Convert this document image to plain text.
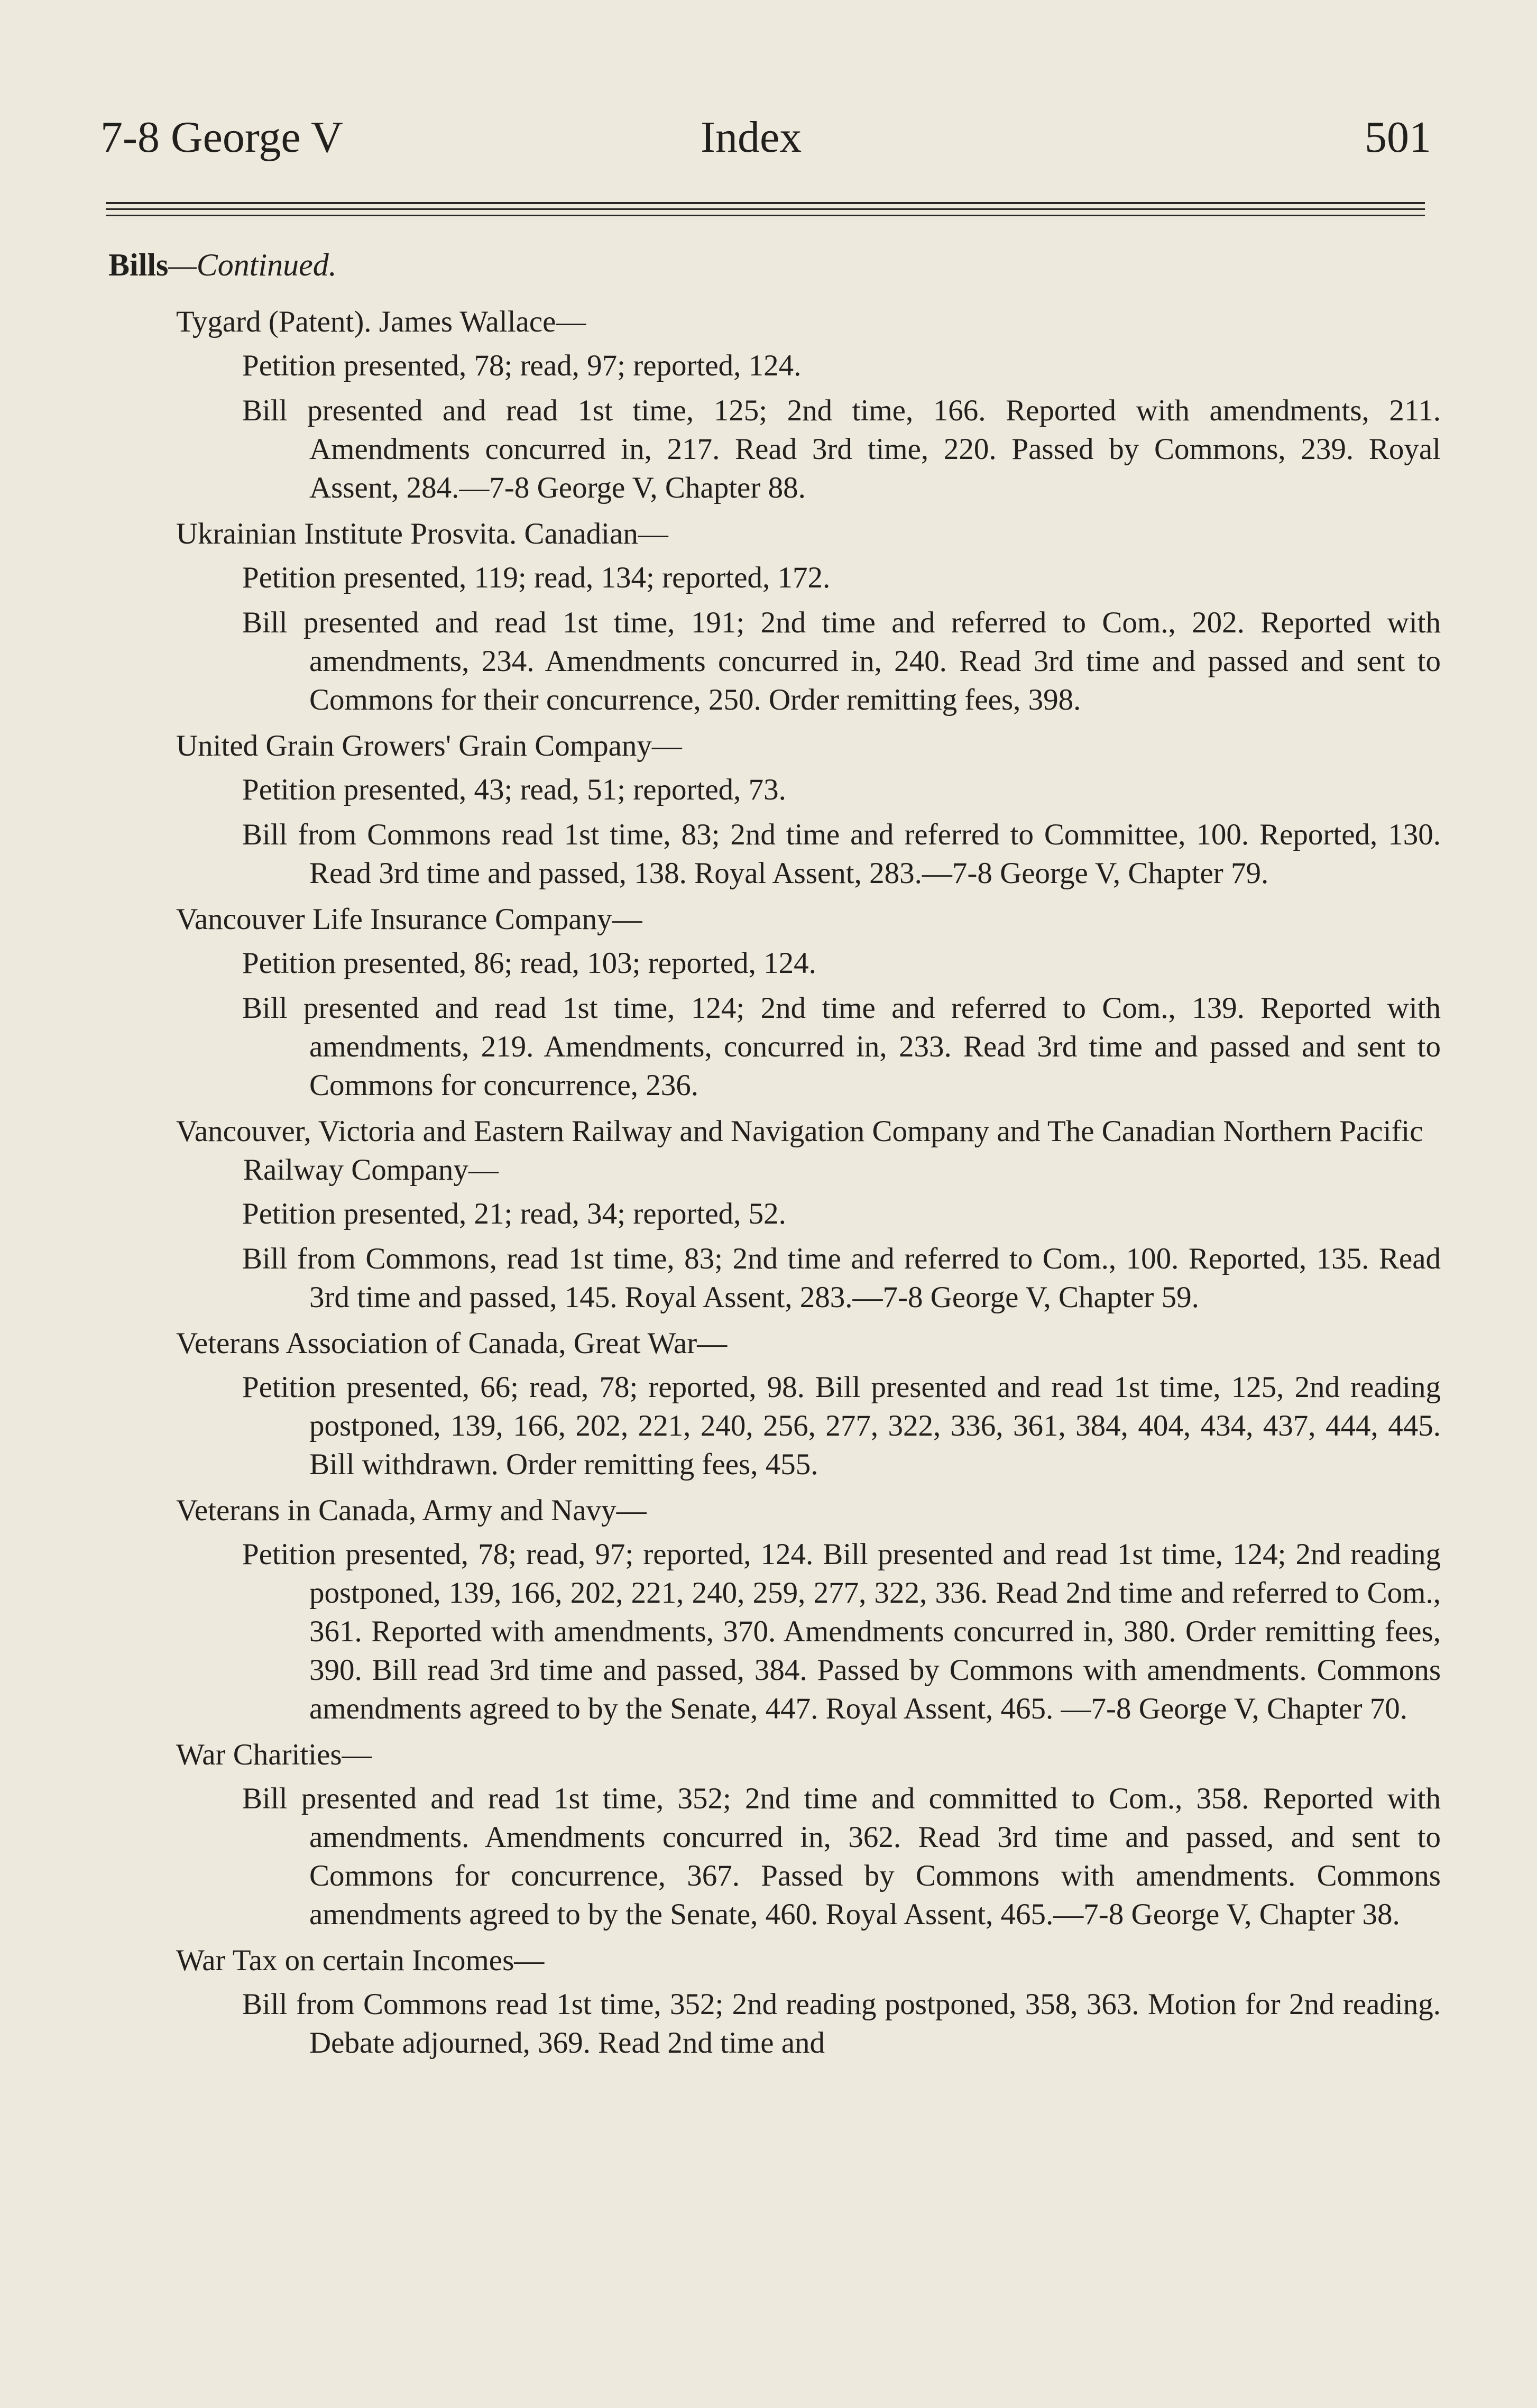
7-8 George V	Index	501
Bills—Continued.
Tygard (Patent). James Wallace—
Petition presented, 78; read, 97; reported, 124.
Bill presented and read 1st time, 125; 2nd time, 166. Reported with amendments, 211. Amendments concurred in, 217. Read 3rd time, 220. Passed by Commons, 239. Royal Assent, 284.—7-8 George V, Chapter 88.
Ukrainian Institute Prosvita. Canadian—
Petition presented, 119; read, 134; reported, 172.
Bill presented and read 1st time, 191; 2nd time and referred to Com., 202. Reported with amendments, 234. Amendments concurred in, 240. Read 3rd time and passed and sent to Commons for their concurrence, 250. Order remitting fees, 398.
United Grain Growers' Grain Company—
Petition presented, 43; read, 51; reported, 73.
Bill from Commons read 1st time, 83; 2nd time and referred to Committee, 100. Reported, 130. Read 3rd time and passed, 138. Royal Assent, 283.—7-8 George V, Chapter 79.
Vancouver Life Insurance Company—
Petition presented, 86; read, 103; reported, 124.
Bill presented and read 1st time, 124; 2nd time and referred to Com., 139. Reported with amendments, 219. Amendments, concurred in, 233. Read 3rd time and passed and sent to Commons for concurrence, 236.
Vancouver, Victoria and Eastern Railway and Navigation Company and The Canadian Northern Pacific Railway Company—
Petition presented, 21; read, 34; reported, 52.
Bill from Commons, read 1st time, 83; 2nd time and referred to Com., 100. Reported, 135. Read 3rd time and passed, 145. Royal Assent, 283.—7-8 George V, Chapter 59.
Veterans Association of Canada, Great War—
Petition presented, 66; read, 78; reported, 98. Bill presented and read 1st time, 125, 2nd reading postponed, 139, 166, 202, 221, 240, 256, 277, 322, 336, 361, 384, 404, 434, 437, 444, 445. Bill withdrawn. Order remitting fees, 455.
Veterans in Canada, Army and Navy—
Petition presented, 78; read, 97; reported, 124. Bill presented and read 1st time, 124; 2nd reading postponed, 139, 166, 202, 221, 240, 259, 277, 322, 336. Read 2nd time and referred to Com., 361. Reported with amendments, 370. Amendments concurred in, 380. Order remitting fees, 390. Bill read 3rd time and passed, 384. Passed by Commons with amendments. Commons amendments agreed to by the Senate, 447. Royal Assent, 465. —7-8 George V, Chapter 70.
War Charities—
Bill presented and read 1st time, 352; 2nd time and committed to Com., 358. Reported with amendments. Amendments concurred in, 362. Read 3rd time and passed, and sent to Commons for concurrence, 367. Passed by Commons with amendments. Commons amendments agreed to by the Senate, 460. Royal Assent, 465.—7-8 George V, Chapter 38.
War Tax on certain Incomes—
Bill from Commons read 1st time, 352; 2nd reading postponed, 358, 363. Motion for 2nd reading. Debate adjourned, 369. Read 2nd time and
